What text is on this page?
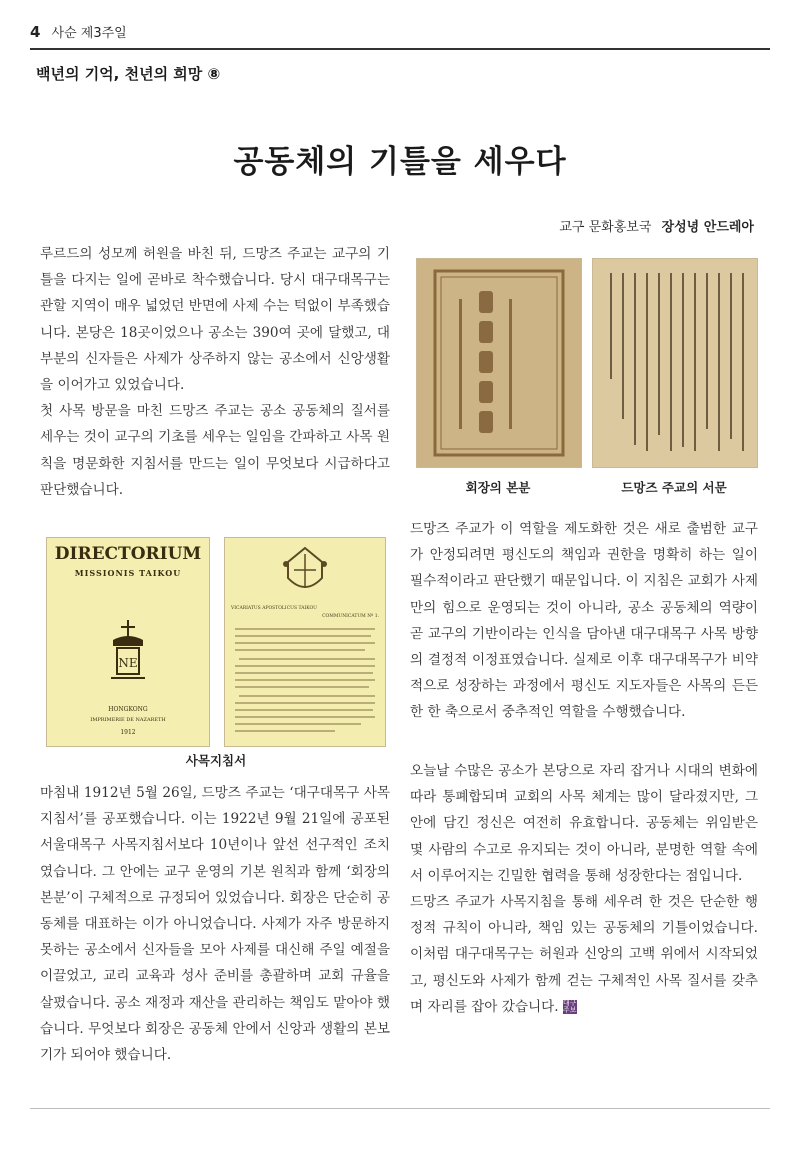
4 사순 제3주일
백년의 기억, 천년의 희망 ⑧
공동체의 기틀을 세우다
교구 문화홍보국 장성녕 안드레아

루르드의 성모께 허원을 바친 뒤, 드망즈 주교는 교구의 기틀을 다지는 일에 곧바로 착수했습니다. 당시 대구대목구는 관할 지역이 매우 넓었던 반면에 사제 수는 턱없이 부족했습니다. 본당은 18곳이었으나 공소는 390여 곳에 달했고, 대부분의 신자들은 사제가 상주하지 않는 공소에서 신앙생활을 이어가고 있었습니다.

첫 사목 방문을 마친 드망즈 주교는 공소 공동체의 질서를 세우는 것이 교구의 기초를 세우는 일임을 간파하고 사목 원칙을 명문화한 지침서를 만드는 일이 무엇보다 시급하다고 판단했습니다.

DIRECTORIUM
MISSIONIS TAIKOU
NE
HONGKONG
IMPRIMERIE DE NAZARETH
1912
VICARIATUS APOSTOLICUS TAIKOU
COMMUNICATUM Nº 1.
사목지침서

마침내 1912년 5월 26일, 드망즈 주교는 ‘대구대목구 사목지침서’를 공포했습니다. 이는 1922년 9월 21일에 공포된 서울대목구 사목지침서보다 10년이나 앞선 선구적인 조치였습니다. 그 안에는 교구 운영의 기본 원칙과 함께 ‘회장의 본분’이 구체적으로 규정되어 있었습니다. 회장은 단순히 공동체를 대표하는 이가 아니었습니다. 사제가 자주 방문하지 못하는 공소에서 신자들을 모아 사제를 대신해 주일 예절을 이끌었고, 교리 교육과 성사 준비를 총괄하며 교회 규율을 살폈습니다. 공소 재정과 재산을 관리하는 책임도 맡아야 했습니다. 무엇보다 회장은 공동체 안에서 신앙과 생활의 본보기가 되어야 했습니다.

회장의 본분	드망즈 주교의 서문

드망즈 주교가 이 역할을 제도화한 것은 새로 출범한 교구가 안정되려면 평신도의 책임과 권한을 명확히 하는 일이 필수적이라고 판단했기 때문입니다. 이 지침은 교회가 사제만의 힘으로 운영되는 것이 아니라, 공소 공동체의 역량이 곧 교구의 기반이라는 인식을 담아낸 대구대목구 사목 방향의 결정적 이정표였습니다. 실제로 이후 대구대목구가 비약적으로 성장하는 과정에서 평신도 지도자들은 사목의 든든한 한 축으로서 중추적인 역할을 수행했습니다.

오늘날 수많은 공소가 본당으로 자리 잡거나 시대의 변화에 따라 통폐합되며 교회의 사목 체계는 많이 달라졌지만, 그 안에 담긴 정신은 여전히 유효합니다. 공동체는 위임받은 몇 사람의 수고로 유지되는 것이 아니라, 분명한 역할 속에서 이루어지는 긴밀한 협력을 통해 성장한다는 점입니다.

드망즈 주교가 사목지침을 통해 세우려 한 것은 단순한 행정적 규칙이 아니라, 책임 있는 공동체의 기틀이었습니다. 이처럼 대구대목구는 허원과 신앙의 고백 위에서 시작되었고, 평신도와 사제가 함께 걷는 구체적인 사목 질서를 갖추며 자리를 잡아 갔습니다. 대구 주보
